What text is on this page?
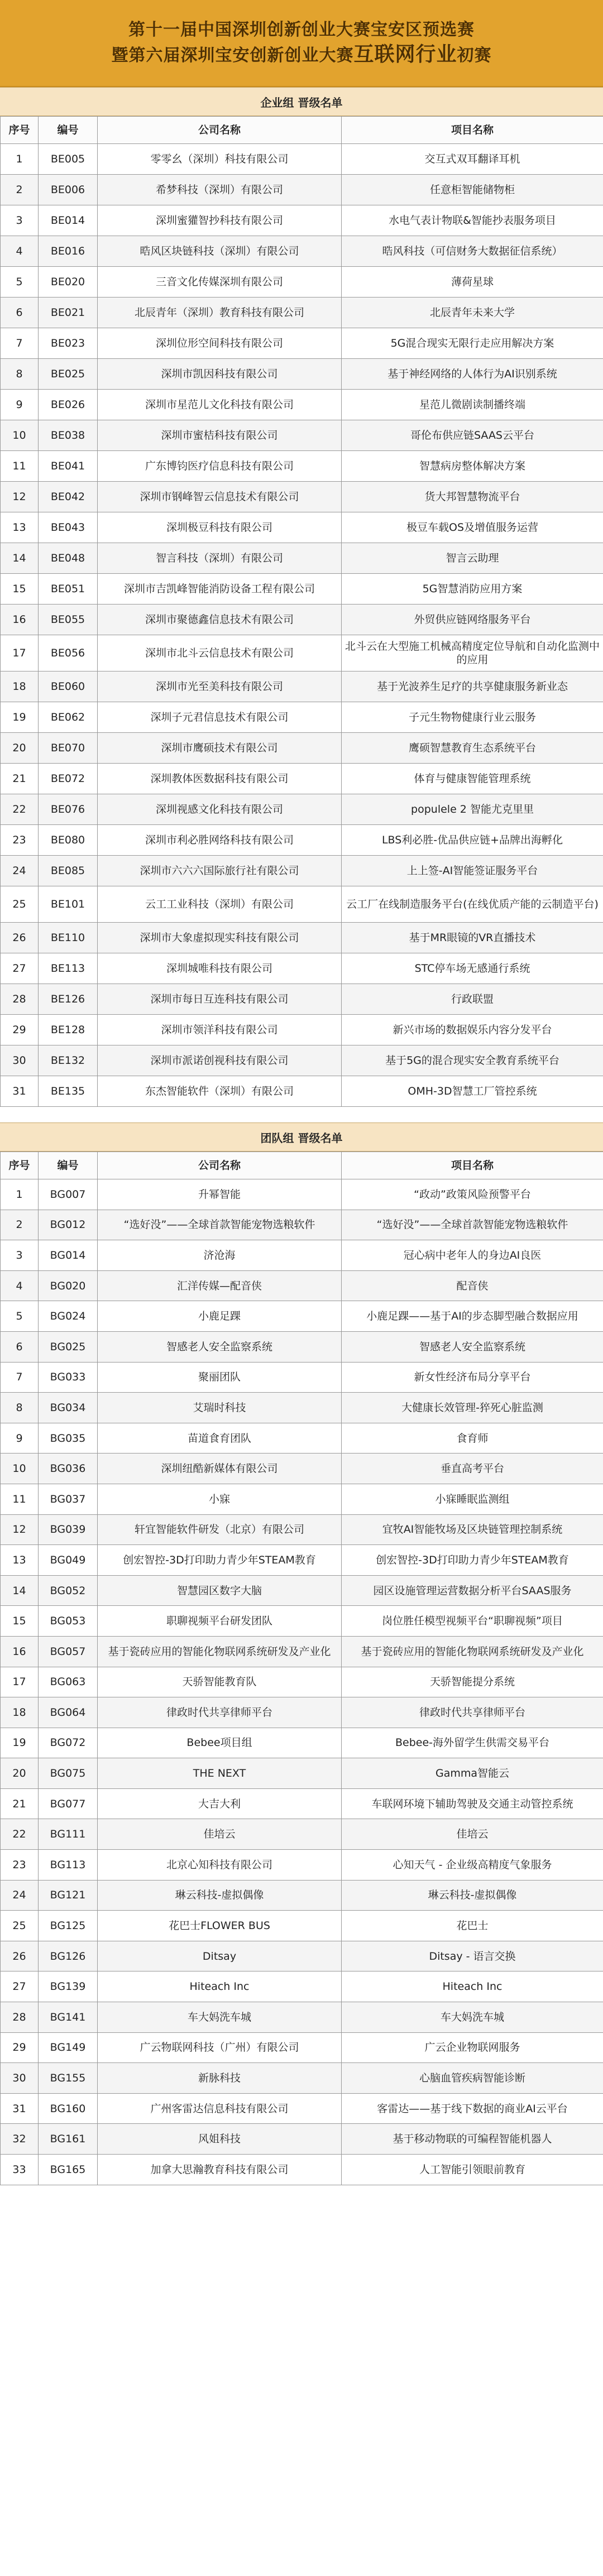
第十一届中国深圳创新创业大赛宝安区预选赛
暨第六届深圳宝安创新创业大赛互联网行业初赛
企业组 晋级名单
序号	编号	公司名称	项目名称
1	BE005	零零幺（深圳）科技有限公司	交互式双耳翻译耳机
2	BE006	希梦科技（深圳）有限公司	任意柜智能储物柜
3	BE014	深圳蜜獾智抄科技有限公司	水电气表计物联&智能抄表服务项目
4	BE016	晧风区块链科技（深圳）有限公司	晧风科技（可信财务大数据征信系统）
5	BE020	三音文化传媒深圳有限公司	薄荷星球
6	BE021	北辰青年（深圳）教育科技有限公司	北辰青年未来大学
7	BE023	深圳位形空间科技有限公司	5G混合现实无限行走应用解决方案
8	BE025	深圳市凯因科技有限公司	基于神经网络的人体行为AI识别系统
9	BE026	深圳市星范儿文化科技有限公司	星范儿微剧读制播终端
10	BE038	深圳市蜜桔科技有限公司	哥伦布供应链SAAS云平台
11	BE041	广东博钧医疗信息科技有限公司	智慧病房整体解决方案
12	BE042	深圳市钢峰智云信息技术有限公司	货大邦智慧物流平台
13	BE043	深圳极豆科技有限公司	极豆车载OS及增值服务运营
14	BE048	智言科技（深圳）有限公司	智言云助理
15	BE051	深圳市吉凯峰智能消防设备工程有限公司	5G智慧消防应用方案
16	BE055	深圳市聚德鑫信息技术有限公司	外贸供应链网络服务平台
17	BE056	深圳市北斗云信息技术有限公司	北斗云在大型施工机械高精度定位导航和自动化监测中的应用
18	BE060	深圳市光至美科技有限公司	基于光波养生足疗的共享健康服务新业态
19	BE062	深圳子元君信息技术有限公司	子元生物物健康行业云服务
20	BE070	深圳市鹰硕技术有限公司	鹰硕智慧教育生态系统平台
21	BE072	深圳教体医数据科技有限公司	体育与健康智能管理系统
22	BE076	深圳视感文化科技有限公司	populele 2 智能尤克里里
23	BE080	深圳市利必胜网络科技有限公司	LBS利必胜-优品供应链+品牌出海孵化
24	BE085	深圳市六六六国际旅行社有限公司	上上签-AI智能签证服务平台
25	BE101	云工工业科技（深圳）有限公司	云工厂在线制造服务平台(在线优质产能的云制造平台)
26	BE110	深圳市大象虚拟现实科技有限公司	基于MR眼镜的VR直播技术
27	BE113	深圳城唯科技有限公司	STC停车场无感通行系统
28	BE126	深圳市每日互连科技有限公司	行政联盟
29	BE128	深圳市领洋科技有限公司	新兴市场的数据娱乐内容分发平台
30	BE132	深圳市派诺创视科技有限公司	基于5G的混合现实安全教育系统平台
31	BE135	东杰智能软件（深圳）有限公司	OMH-3D智慧工厂管控系统
团队组 晋级名单
序号	编号	公司名称	项目名称
1	BG007	升幂智能	“政动”政策风险预警平台
2	BG012	“选好没”——全球首款智能宠物选粮软件	“选好没”——全球首款智能宠物选粮软件
3	BG014	济沧海	冠心病中老年人的身边AI良医
4	BG020	汇洋传媒—配音侠	配音侠
5	BG024	小鹿足踝	小鹿足踝——基于AI的步态脚型融合数据应用
6	BG025	智感老人安全监察系统	智感老人安全监察系统
7	BG033	聚丽团队	新女性经济布局分享平台
8	BG034	艾瑞时科技	大健康长效管理-猝死心脏监测
9	BG035	苗道食育团队	食育师
10	BG036	深圳纽酷新媒体有限公司	垂直高考平台
11	BG037	小寐	小寐睡眠监测组
12	BG039	轩宜智能软件研发（北京）有限公司	宜牧AI智能牧场及区块链管理控制系统
13	BG049	创宏智控-3D打印助力青少年STEAM教育	创宏智控-3D打印助力青少年STEAM教育
14	BG052	智慧园区数字大脑	园区设施管理运营数据分析平台SAAS服务
15	BG053	职聊视频平台研发团队	岗位胜任模型视频平台“职聊视频”项目
16	BG057	基于瓷砖应用的智能化物联网系统研发及产业化	基于瓷砖应用的智能化物联网系统研发及产业化
17	BG063	天骄智能教育队	天骄智能提分系统
18	BG064	律政时代共享律师平台	律政时代共享律师平台
19	BG072	Bebee项目组	Bebee-海外留学生供需交易平台
20	BG075	THE NEXT	Gamma智能云
21	BG077	大吉大利	车联网环境下辅助驾驶及交通主动管控系统
22	BG111	佳培云	佳培云
23	BG113	北京心知科技有限公司	心知天气 - 企业级高精度气象服务
24	BG121	琳云科技-虚拟偶像	琳云科技-虚拟偶像
25	BG125	花巴士FLOWER BUS	花巴士
26	BG126	Ditsay	Ditsay - 语言交换
27	BG139	Hiteach Inc	Hiteach Inc
28	BG141	车大妈洗车城	车大妈洗车城
29	BG149	广云物联网科技（广州）有限公司	广云企业物联网服务
30	BG155	新脉科技	心脑血管疾病智能诊断
31	BG160	广州客雷达信息科技有限公司	客雷达——基于线下数据的商业AI云平台
32	BG161	风姐科技	基于移动物联的可编程智能机器人
33	BG165	加拿大思瀚教育科技有限公司	人工智能引领眼前教育
